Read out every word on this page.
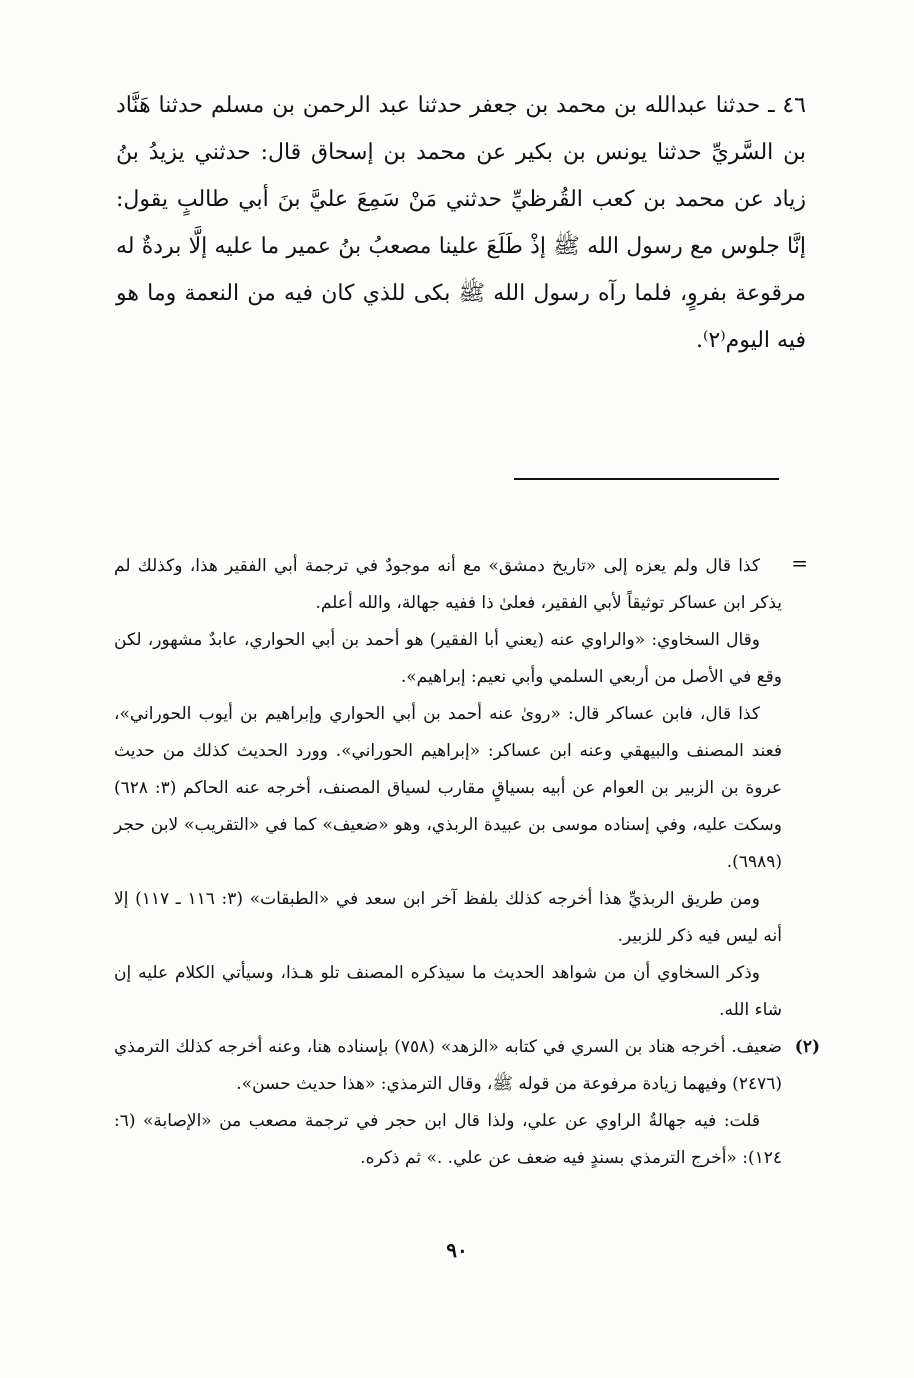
٤٦ ـ حدثنا عبدالله بن محمد بن جعفر حدثنا عبد الرحمن بن مسلم حدثنا هَنَّاد بن السَّريِّ حدثنا يونس بن بكير عن محمد بن إسحاق قال: حدثني يزيدُ بنُ زياد عن محمد بن كعب القُرظيِّ حدثني مَنْ سَمِعَ عليَّ بنَ أبي طالبٍ يقول: إنَّا جلوس مع رسول الله ﷺ إذْ طَلَعَ علينا مصعبُ بنُ عمير ما عليه إلَّا بردةٌ له مرقوعة بفروٍ، فلما رآه رسول الله ﷺ بكى للذي كان فيه من النعمة وما هو فيه اليوم⁽٢⁾.

=

كذا قال ولم يعزه إلى «تاريخ دمشق» مع أنه موجودٌ في ترجمة أبي الفقير هذا، وكذلك لم يذكر ابن عساكر توثيقاً لأبي الفقير، فعلىٰ ذا ففيه جهالة، والله أعلم.

وقال السخاوي: «والراوي عنه (يعني أبا الفقير) هو أحمد بن أبي الحواري، عابدٌ مشهور، لكن وقع في الأصل من أربعي السلمي وأبي نعيم: إبراهيم».

كذا قال، فابن عساكر قال: «روىٰ عنه أحمد بن أبي الحواري وإبراهيم بن أيوب الحوراني»، فعند المصنف والبيهقي وعنه ابن عساكر: «إبراهيم الحوراني». وورد الحديث كذلك من حديث عروة بن الزبير بن العوام عن أبيه بسياقٍ مقارب لسياق المصنف، أخرجه عنه الحاكم (٣: ٦٢٨) وسكت عليه، وفي إسناده موسى بن عبيدة الربذي، وهو «ضعيف» كما في «التقريب» لابن حجر (٦٩٨٩).

ومن طريق الربذيِّ هذا أخرجه كذلك بلفظ آخر ابن سعد في «الطبقات» (٣: ١١٦ ـ ١١٧) إلا أنه ليس فيه ذكر للزبير.

وذكر السخاوي أن من شواهد الحديث ما سيذكره المصنف تلو هـذا، وسيأتي الكلام عليه إن شاء الله.

(٢)

ضعيف. أخرجه هناد بن السري في كتابه «الزهد» (٧٥٨) بإسناده هنا، وعنه أخرجه كذلك الترمذي (٢٤٧٦) وفيهما زيادة مرفوعة من قوله ﷺ، وقال الترمذي: «هذا حديث حسن».

قلت: فيه جهالةُ الراوي عن علي، ولذا قال ابن حجر في ترجمة مصعب من «الإصابة» (٦: ١٢٤): «أخرج الترمذي بسندٍ فيه ضعف عن علي. .» ثم ذكره.

٩٠
